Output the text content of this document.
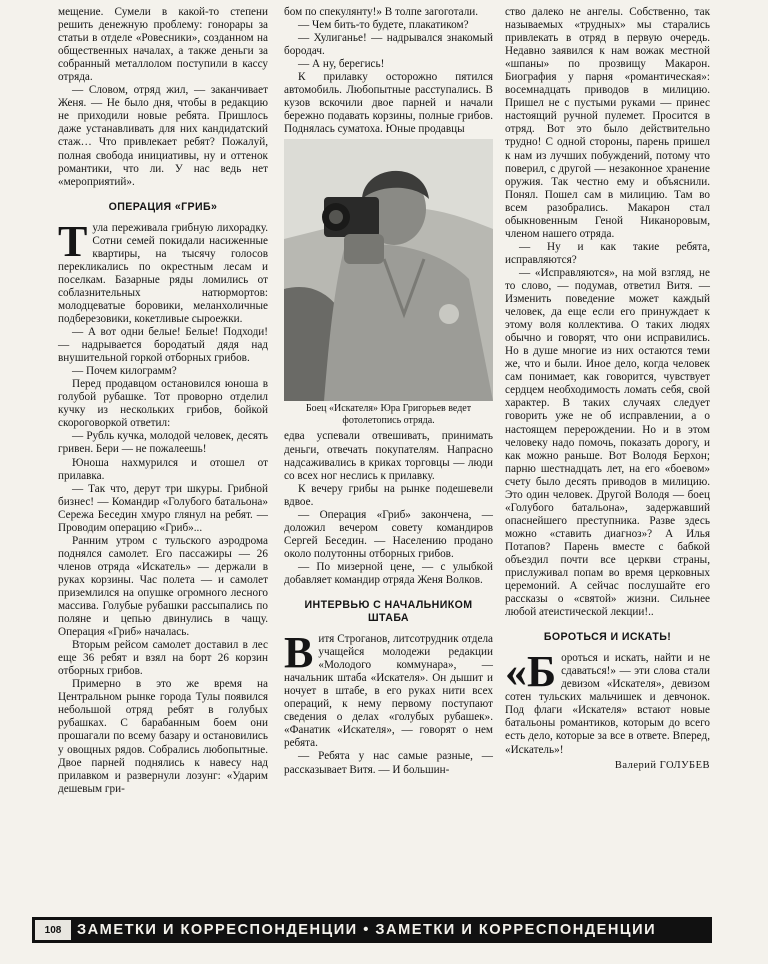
мещение. Сумели в какой-то степени решить денежную проблему: гонорары за статьи в отделе «Ровесники», созданном на общественных началах, а также деньги за собранный металлолом поступили в кассу отряда.

— Словом, отряд жил, — заканчивает Женя. — Не было дня, чтобы в редакцию не приходили новые ребята. Пришлось даже устанавливать для них кандидатский стаж… Что привлекает ребят? Пожалуй, полная свобода инициативы, ну и оттенок романтики, что ли. У нас ведь нет «мероприятий».

ОПЕРАЦИЯ «ГРИБ»

Тула переживала грибную лихорадку. Сотни семей покидали насиженные квартиры, на тысячу голосов перекликались по окрестным лесам и поселкам. Базарные ряды ломились от соблазнительных натюрмортов: молодцеватые боровики, меланхоличные подберезовики, кокетливые сыроежки.

— А вот одни белые! Белые! Подходи! — надрывается бородатый дядя над внушительной горкой отборных грибов.

— Почем килограмм?

Перед продавцом остановился юноша в голубой рубашке. Тот проворно отделил кучку из нескольких грибов, бойкой скороговоркой ответил:

— Рубль кучка, молодой человек, десять гривен. Бери — не пожалеешь!

Юноша нахмурился и отошел от прилавка.

— Так что, дерут три шкуры. Грибной бизнес! — Командир «Голубого батальона» Сережа Беседин хмуро глянул на ребят. — Проводим операцию «Гриб»...

Ранним утром с тульского аэродрома поднялся самолет. Его пассажиры — 26 членов отряда «Искатель» — держали в руках корзины. Час полета — и самолет приземлился на опушке огромного лесного массива. Голубые рубашки рассыпались по поляне и цепью двинулись в чащу. Операция «Гриб» началась.

Вторым рейсом самолет доставил в лес еще 36 ребят и взял на борт 26 корзин отборных грибов.

Примерно в это же время на Центральном рынке города Тулы появился небольшой отряд ребят в голубых рубашках. С барабанным боем они прошагали по всему базару и остановились у овощных рядов. Собрались любопытные. Двое парней поднялись к навесу над прилавком и развернули лозунг: «Ударим дешевым гри-

бом по спекулянту!» В толпе загоготали.

— Чем бить-то будете, плакатиком?

— Хулиганье! — надрывался знакомый бородач.

— А ну, берегись!

К прилавку осторожно пятился автомобиль. Любопытные расступались. В кузов вскочили двое парней и начали бережно подавать корзины, полные грибов. Поднялась суматоха. Юные продавцы

Боец «Искателя» Юра Григорьев ведет фотолетопись отряда.

едва успевали отвешивать, принимать деньги, отвечать покупателям. Напрасно надсаживались в криках торговцы — люди со всех ног неслись к прилавку.

К вечеру грибы на рынке подешевели вдвое.

— Операция «Гриб» закончена, — доложил вечером совету командиров Сергей Беседин. — Населению продано около полутонны отборных грибов.

— По мизерной цене, — с улыбкой добавляет командир отряда Женя Волков.

ИНТЕРВЬЮ С НАЧАЛЬНИКОМ ШТАБА

Витя Строганов, литсотрудник отдела учащейся молодежи редакции «Молодого коммунара», — начальник штаба «Искателя». Он дышит и ночует в штабе, в его руках нити всех операций, к нему первому поступают сведения о делах «голубых рубашек». «Фанатик «Искателя», — говорят о нем ребята.

— Ребята у нас самые разные, — рассказывает Витя. — И большин-

ство далеко не ангелы. Собственно, так называемых «трудных» мы старались привлекать в отряд в первую очередь. Недавно заявился к нам вожак местной «шпаны» по прозвищу Макарон. Биография у парня «романтическая»: восемнадцать приводов в милицию. Пришел не с пустыми руками — принес настоящий ручной пулемет. Просится в отряд. Вот это было действительно трудно! С одной стороны, парень пришел к нам из лучших побуждений, потому что поверил, с другой — незаконное хранение оружия. Так честно ему и объяснили. Понял. Пошел сам в милицию. Там во всем разобрались. Макарон стал обыкновенным Геной Никаноровым, членом нашего отряда.

— Ну и как такие ребята, исправляются?

— «Исправляются», на мой взгляд, не то слово, — подумав, ответил Витя. — Изменить поведение может каждый человек, да еще если его принуждает к этому воля коллектива. О таких людях обычно и говорят, что они исправились. Но в душе многие из них остаются теми же, что и были. Иное дело, когда человек сам понимает, как говорится, чувствует сердцем необходимость ломать себя, свой характер. В таких случаях следует говорить уже не об исправлении, а о настоящем перерождении. Но и в этом человеку надо помочь, показать дорогу, и как можно раньше. Вот Володя Берхон; парню шестнадцать лет, на его «боевом» счету было десять приводов в милицию. Это один человек. Другой Володя — боец «Голубого батальона», задержавший опаснейшего преступника. Разве здесь можно «ставить диагноз»? А Илья Потапов? Парень вместе с бабкой объездил почти все церкви страны, прислуживал попам во время церковных церемоний. А сейчас послушайте его рассказы о «святой» жизни. Сильнее любой атеистической лекции!..

БОРОТЬСЯ И ИСКАТЬ!

«Бороться и искать, найти и не сдаваться!» — эти слова стали девизом «Искателя», девизом сотен тульских мальчишек и девчонок. Под флаги «Искателя» встают новые батальоны романтиков, которым до всего есть дело, которые за все в ответе. Вперед, «Искатель»!

Валерий ГОЛУБЕВ
108	ЗАМЕТКИ И КОРРЕСПОНДЕНЦИИ • ЗАМЕТКИ И КОРРЕСПОНДЕНЦИИ
